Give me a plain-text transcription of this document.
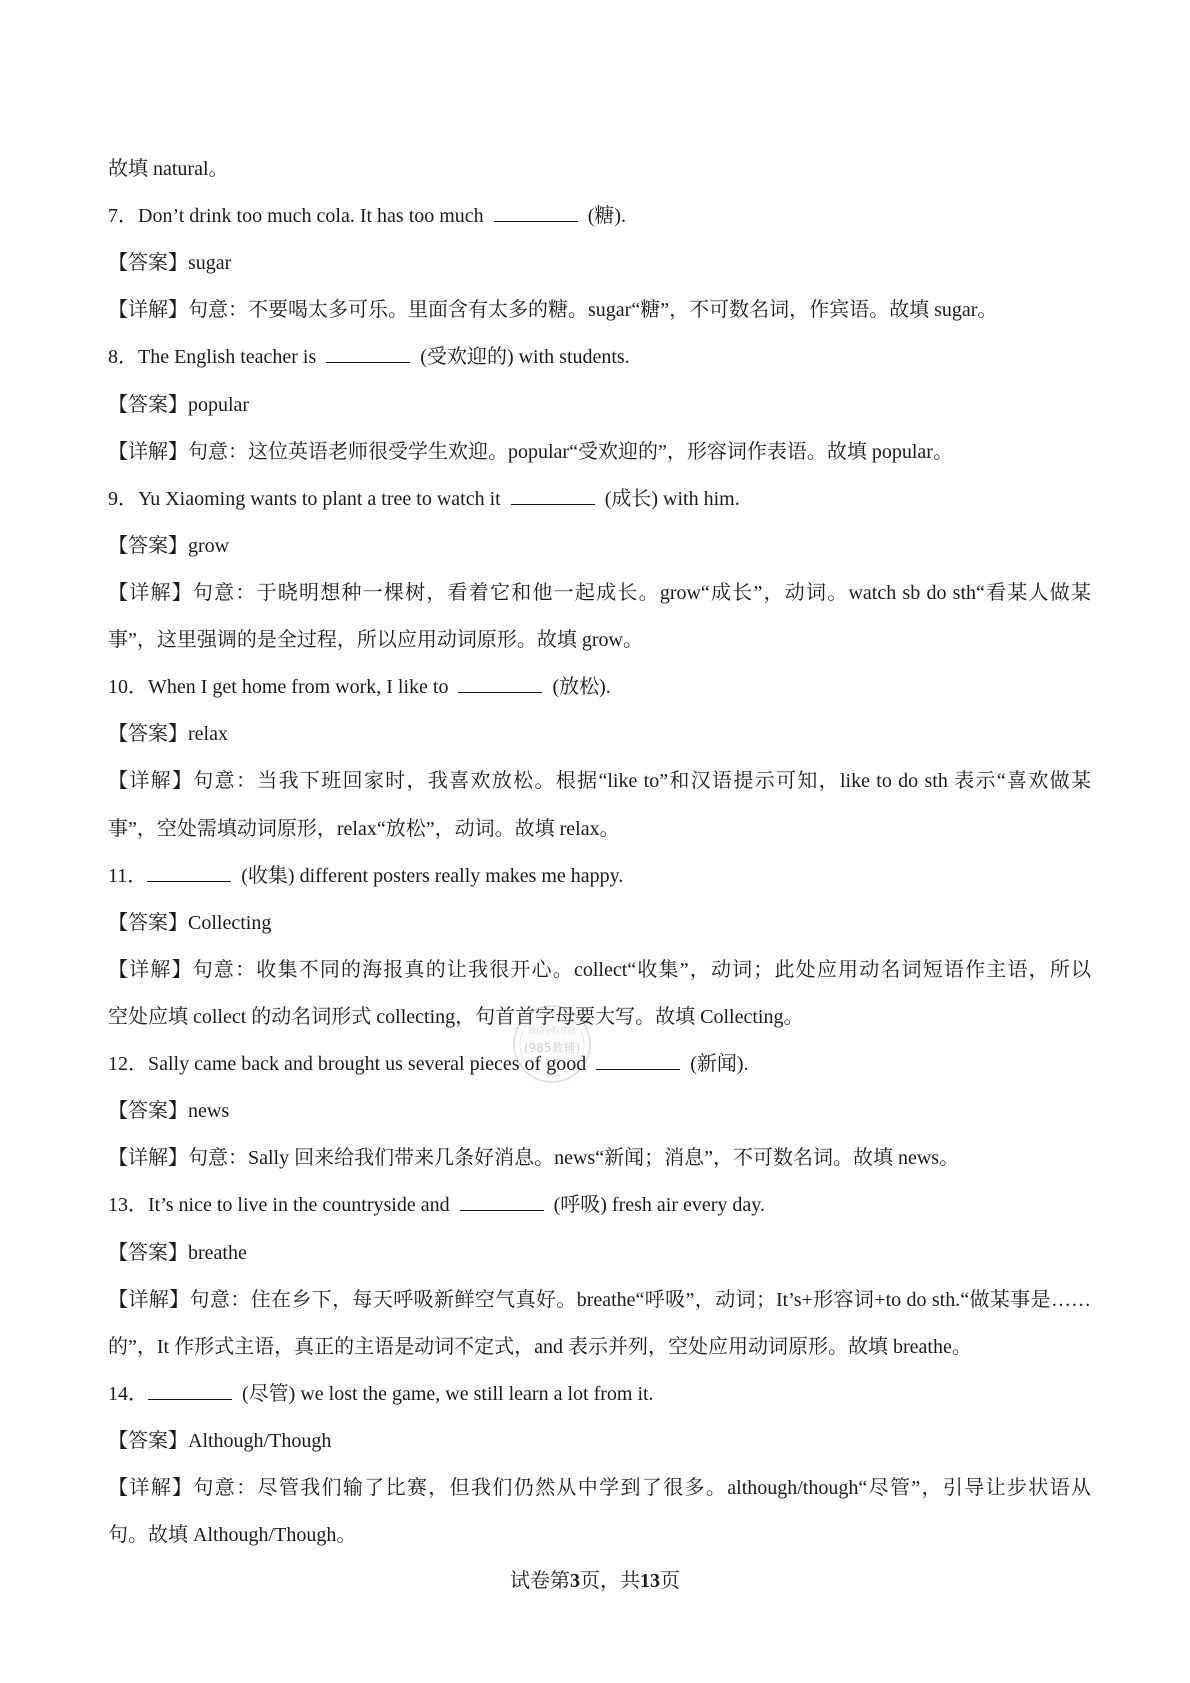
微信小程序搜
(985教辅)
故填 natural。
7．Don’t drink too much cola. It has too much	(糖).
【答案】sugar
【详解】句意：不要喝太多可乐。里面含有太多的糖。sugar“糖”，不可数名词，作宾语。故填 sugar。
8．The English teacher is	(受欢迎的) with students.
【答案】popular
【详解】句意：这位英语老师很受学生欢迎。popular“受欢迎的”，形容词作表语。故填 popular。
9．Yu Xiaoming wants to plant a tree to watch it	(成长) with him.
【答案】grow
【详解】句意：于晓明想种一棵树，看着它和他一起成长。grow“成长”，动词。watch sb do sth“看某人做某
事”，这里强调的是全过程，所以应用动词原形。故填 grow。
10．When I get home from work, I like to	(放松).
【答案】relax
【详解】句意：当我下班回家时，我喜欢放松。根据“like to”和汉语提示可知，like to do sth 表示“喜欢做某
事”，空处需填动词原形，relax“放松”，动词。故填 relax。
11．	(收集) different posters really makes me happy.
【答案】Collecting
【详解】句意：收集不同的海报真的让我很开心。collect“收集”，动词；此处应用动名词短语作主语，所以
空处应填 collect 的动名词形式 collecting，句首首字母要大写。故填 Collecting。
12．Sally came back and brought us several pieces of good	(新闻).
【答案】news
【详解】句意：Sally 回来给我们带来几条好消息。news“新闻；消息”，不可数名词。故填 news。
13．It’s nice to live in the countryside and	(呼吸) fresh air every day.
【答案】breathe
【详解】句意：住在乡下，每天呼吸新鲜空气真好。breathe“呼吸”，动词；It’s+形容词+to do sth.“做某事是……
的”，It 作形式主语，真正的主语是动词不定式，and 表示并列，空处应用动词原形。故填 breathe。
14．	(尽管) we lost the game, we still learn a lot from it.
【答案】Although/Though
【详解】句意：尽管我们输了比赛，但我们仍然从中学到了很多。although/though“尽管”，引导让步状语从
句。故填 Although/Though。
试卷第3页，共13页
